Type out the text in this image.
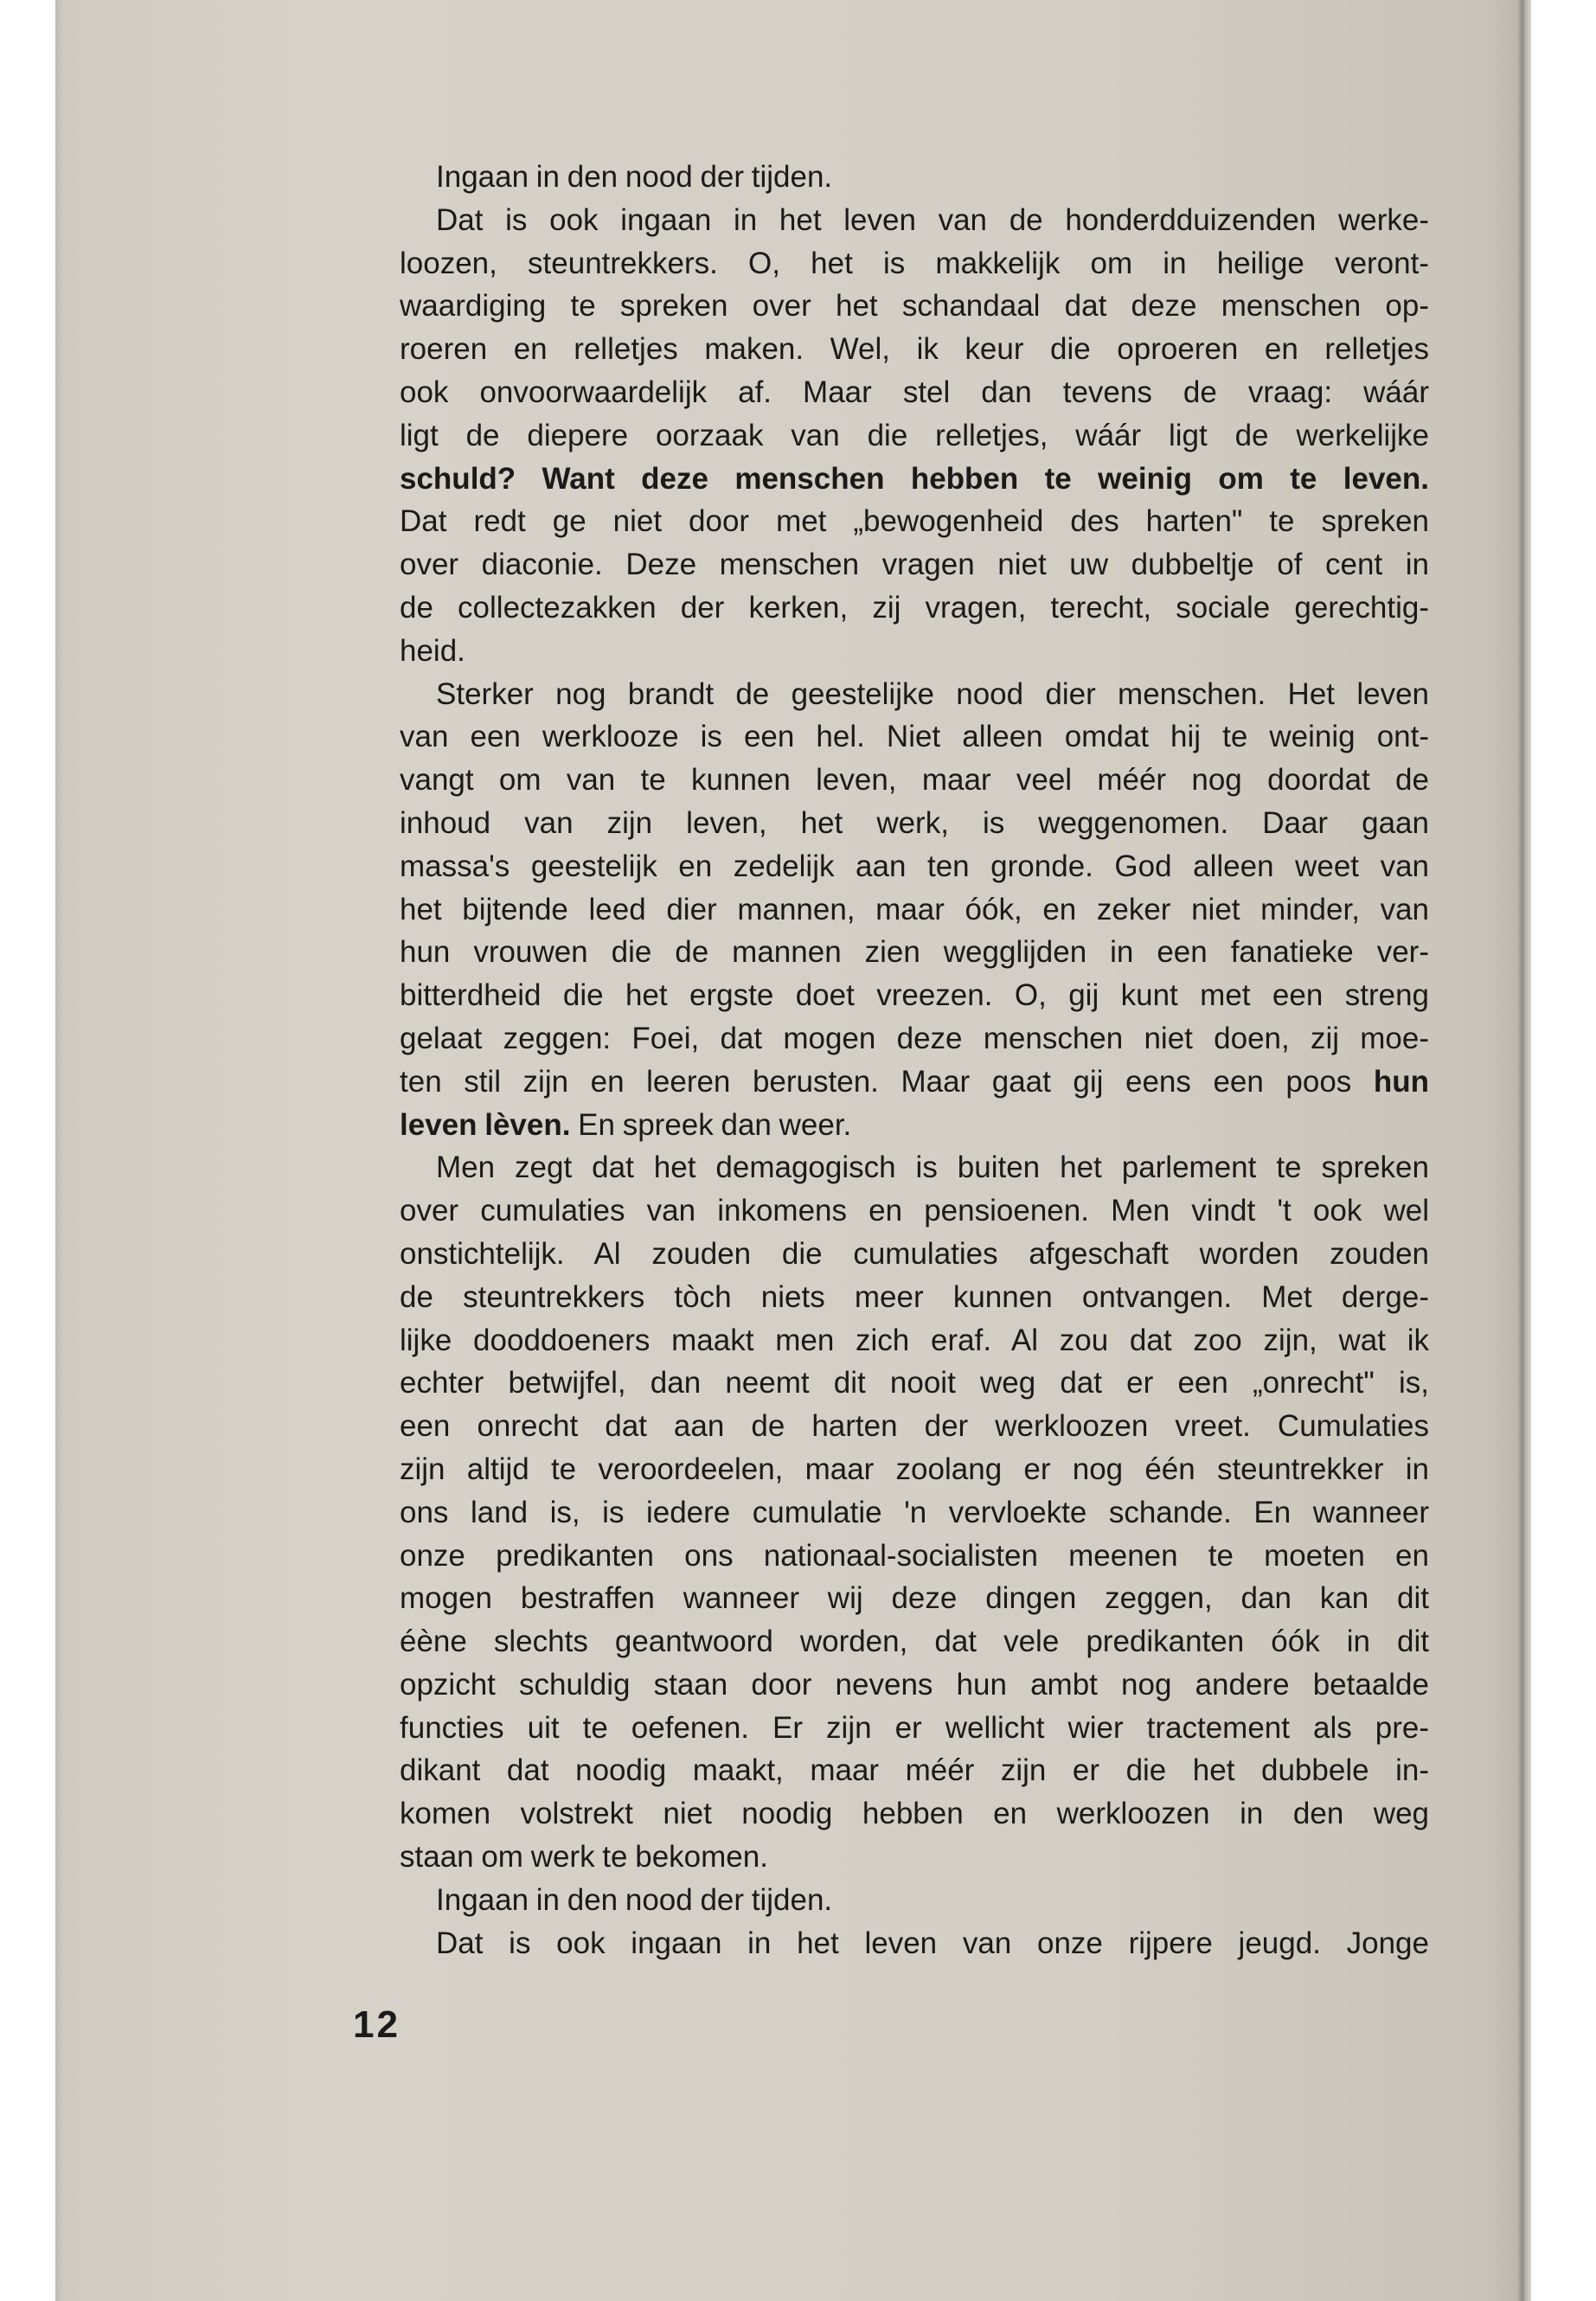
Ingaan in den nood der tijden.
Dat is ook ingaan in het leven van de honderdduizenden werke-
loozen, steuntrekkers. O, het is makkelijk om in heilige veront-
waardiging te spreken over het schandaal dat deze menschen op-
roeren en relletjes maken. Wel, ik keur die oproeren en relletjes
ook onvoorwaardelijk af. Maar stel dan tevens de vraag: wáár
ligt de diepere oorzaak van die relletjes, wáár ligt de werkelijke
schuld? Want deze menschen hebben te weinig om te leven.
Dat redt ge niet door met „bewogenheid des harten" te spreken
over diaconie. Deze menschen vragen niet uw dubbeltje of cent in
de collectezakken der kerken, zij vragen, terecht, sociale gerechtig-
heid.
Sterker nog brandt de geestelijke nood dier menschen. Het leven
van een werklooze is een hel. Niet alleen omdat hij te weinig ont-
vangt om van te kunnen leven, maar veel méér nog doordat de
inhoud van zijn leven, het werk, is weggenomen. Daar gaan
massa's geestelijk en zedelijk aan ten gronde. God alleen weet van
het bijtende leed dier mannen, maar óók, en zeker niet minder, van
hun vrouwen die de mannen zien wegglijden in een fanatieke ver-
bitterdheid die het ergste doet vreezen. O, gij kunt met een streng
gelaat zeggen: Foei, dat mogen deze menschen niet doen, zij moe-
ten stil zijn en leeren berusten. Maar gaat gij eens een poos hun
leven lèven. En spreek dan weer.
Men zegt dat het demagogisch is buiten het parlement te spreken
over cumulaties van inkomens en pensioenen. Men vindt 't ook wel
onstichtelijk. Al zouden die cumulaties afgeschaft worden zouden
de steuntrekkers tòch niets meer kunnen ontvangen. Met derge-
lijke dooddoeners maakt men zich eraf. Al zou dat zoo zijn, wat ik
echter betwijfel, dan neemt dit nooit weg dat er een „onrecht" is,
een onrecht dat aan de harten der werkloozen vreet. Cumulaties
zijn altijd te veroordeelen, maar zoolang er nog één steuntrekker in
ons land is, is iedere cumulatie 'n vervloekte schande. En wanneer
onze predikanten ons nationaal-socialisten meenen te moeten en
mogen bestraffen wanneer wij deze dingen zeggen, dan kan dit
éène slechts geantwoord worden, dat vele predikanten óók in dit
opzicht schuldig staan door nevens hun ambt nog andere betaalde
functies uit te oefenen. Er zijn er wellicht wier tractement als pre-
dikant dat noodig maakt, maar méér zijn er die het dubbele in-
komen volstrekt niet noodig hebben en werkloozen in den weg
staan om werk te bekomen.
Ingaan in den nood der tijden.
Dat is ook ingaan in het leven van onze rijpere jeugd. Jonge
12
